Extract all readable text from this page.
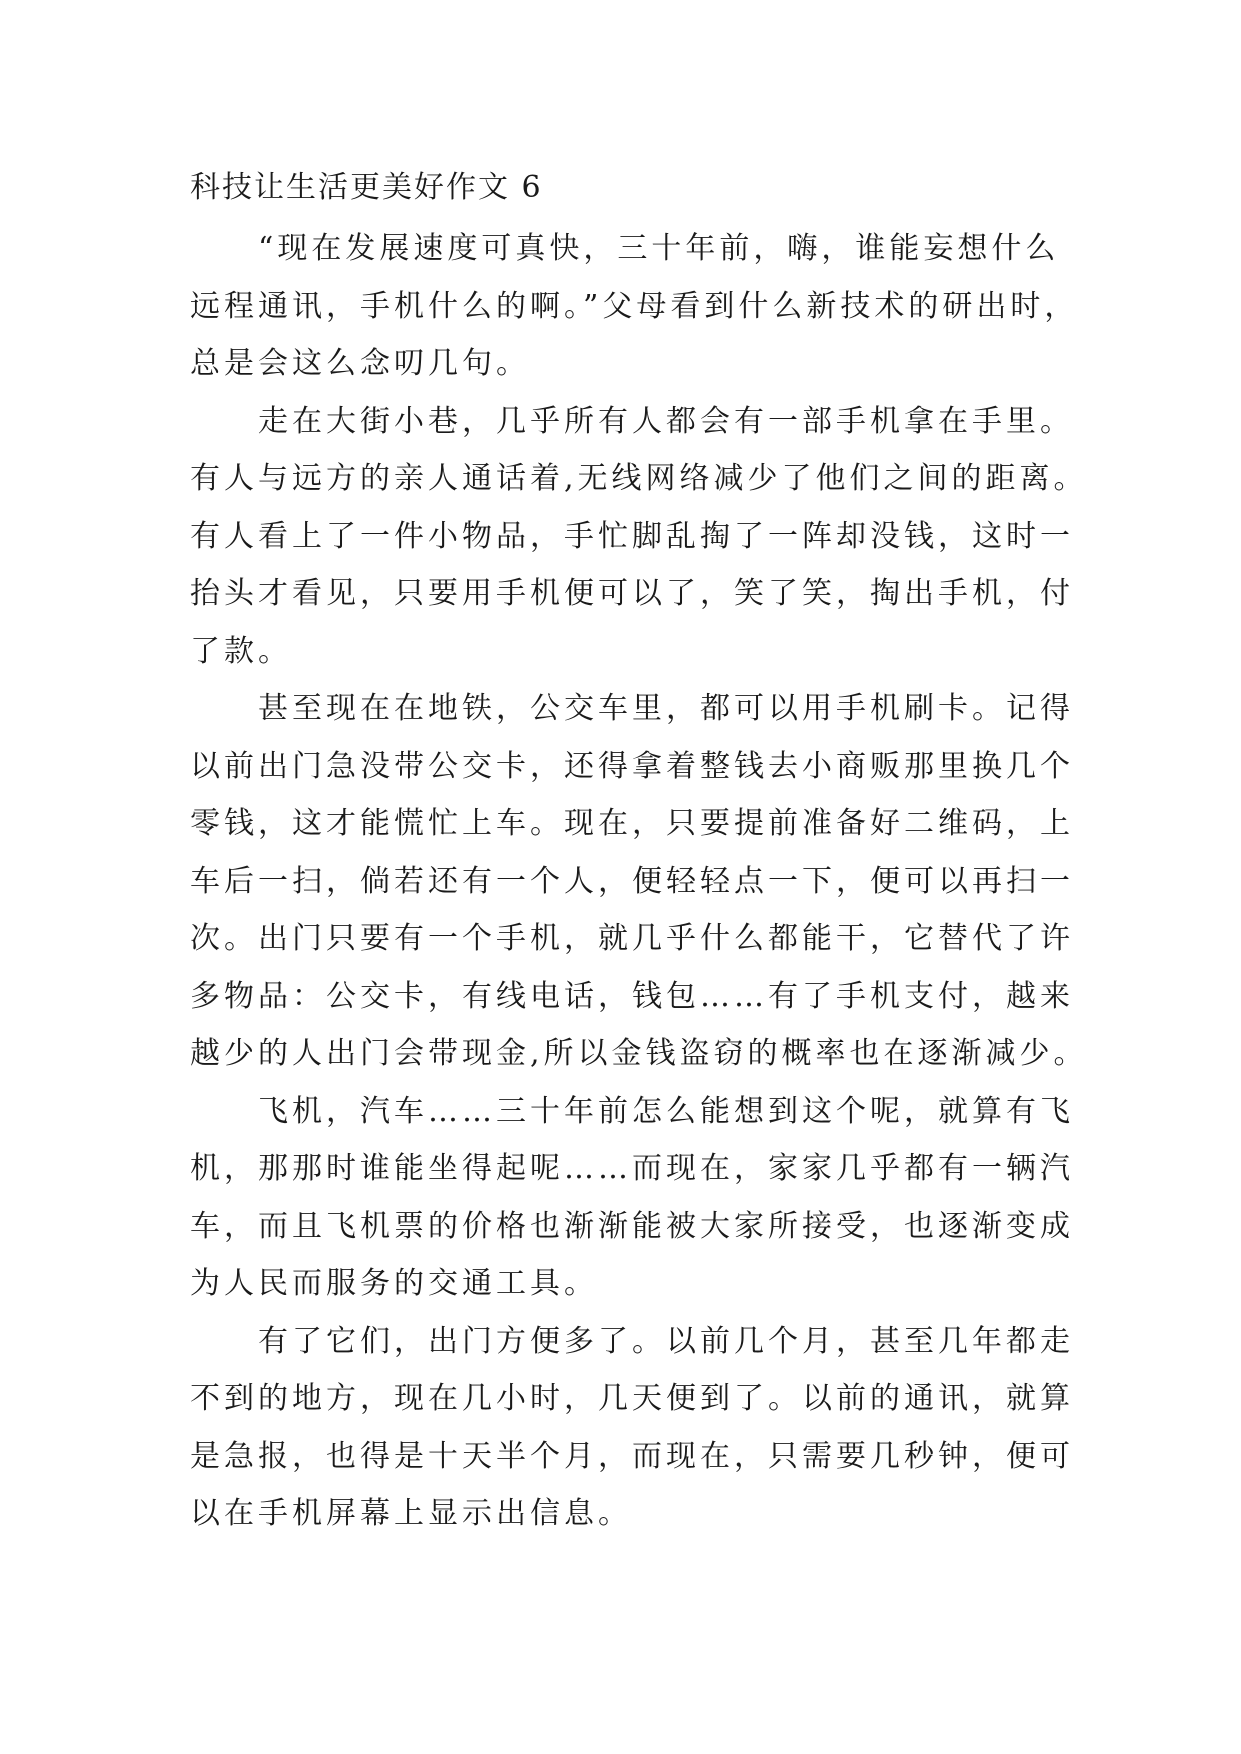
科技让生活更美好作文 6
“现在发展速度可真快，三十年前，嗨，谁能妄想什么
远程通讯，手机什么的啊。”父母看到什么新技术的研出时，
总是会这么念叨几句。
走在大街小巷，几乎所有人都会有一部手机拿在手里。
有人与远方的亲人通话着,无线网络减少了他们之间的距离。
有人看上了一件小物品，手忙脚乱掏了一阵却没钱，这时一
抬头才看见，只要用手机便可以了，笑了笑，掏出手机，付
了款。
甚至现在在地铁，公交车里，都可以用手机刷卡。记得
以前出门急没带公交卡，还得拿着整钱去小商贩那里换几个
零钱，这才能慌忙上车。现在，只要提前准备好二维码，上
车后一扫，倘若还有一个人，便轻轻点一下，便可以再扫一
次。出门只要有一个手机，就几乎什么都能干，它替代了许
多物品：公交卡，有线电话，钱包……有了手机支付，越来
越少的人出门会带现金,所以金钱盗窃的概率也在逐渐减少。
飞机，汽车……三十年前怎么能想到这个呢，就算有飞
机，那那时谁能坐得起呢……而现在，家家几乎都有一辆汽
车，而且飞机票的价格也渐渐能被大家所接受，也逐渐变成
为人民而服务的交通工具。
有了它们，出门方便多了。以前几个月，甚至几年都走
不到的地方，现在几小时，几天便到了。以前的通讯，就算
是急报，也得是十天半个月，而现在，只需要几秒钟，便可
以在手机屏幕上显示出信息。
